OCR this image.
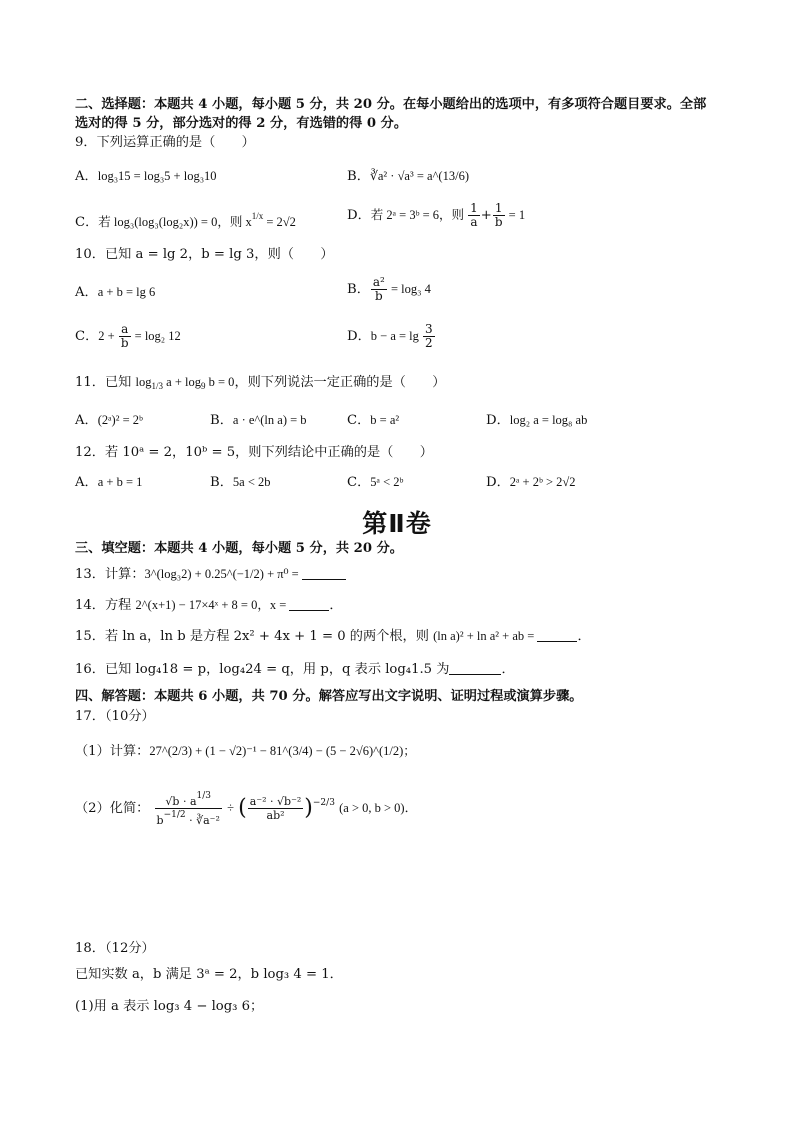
二、选择题：本题共 4 小题，每小题 5 分，共 20 分。在每小题给出的选项中，有多项符合题目要求。全部
选对的得 5 分，部分选对的得 2 分，有选错的得 0 分。
9．下列运算正确的是（　　）
A．log₃15 = log₃5 + log₃10	B．∛a² · √a³ = a^(13/6)
C．若 log₃(log₃(log₂x)) = 0，则 $x^{1/x} = 2√2$	D．若 2ᵃ = 3ᵇ = 6，则 $\frac{1}{a} + \frac{1}{b} = 1$
10．已知 a = lg 2，b = lg 3，则（　　）
A．a + b = lg 6	B． $\frac{\text{a²}}{b} = \log_3$ 4
C．$2 + \frac{a}{b} = \log_2$ 12	D．$b - a = \lg \frac{3}{2}$
11．已知 $\log_{1/3} a + \log_9 b = 0$，则下列说法一定正确的是（　　）
A．(2ᵃ)² = 2ᵇ	B．a · e^(ln a) = b	C．b = a²	D．log₂ a = log₈ ab
12．若 10ᵃ = 2，10ᵇ = 5，则下列结论中正确的是（　　）
A．a + b = 1	B．5a < 2b	C．5ᵃ < 2ᵇ	D．2ᵃ + 2ᵇ > 2√2
第Ⅱ卷
三、填空题：本题共 4 小题，每小题 5 分，共 20 分。
13．计算：3^(log₃2) + 0.25^(−1/2) + π⁰ =
14．方程 2^(x+1) − 17×4ˣ + 8 = 0，x =	．
15．若 ln a，ln b 是方程 2x² + 4x + 1 = 0 的两个根，则 (ln a)² + ln a² + ab =	．
16．已知 log₄18 = p，log₄24 = q，用 p，q 表示 log₄1.5 为	．
四、解答题：本题共 6 小题，共 70 分。解答应写出文字说明、证明过程或演算步骤。
17．（10分）
（1）计算：27^(2/3) + (1 − √2)⁻¹ − 81^(3/4) − (5 − 2√6)^(1/2)；
（2）化简： $\frac{√b \cdot a^{1/3}}{b^{-1/2} \cdot ∛a^{-2}}$ ÷ ( $\frac{\text{a⁻² · √b⁻²}}{\text{ab²}} )^{-2/3}$ (a > 0, b > 0)．
18．（12分）
已知实数 a，b 满足 3ᵃ = 2，b log₃ 4 = 1．
(1)用 a 表示 log₃ 4 − log₃ 6；
